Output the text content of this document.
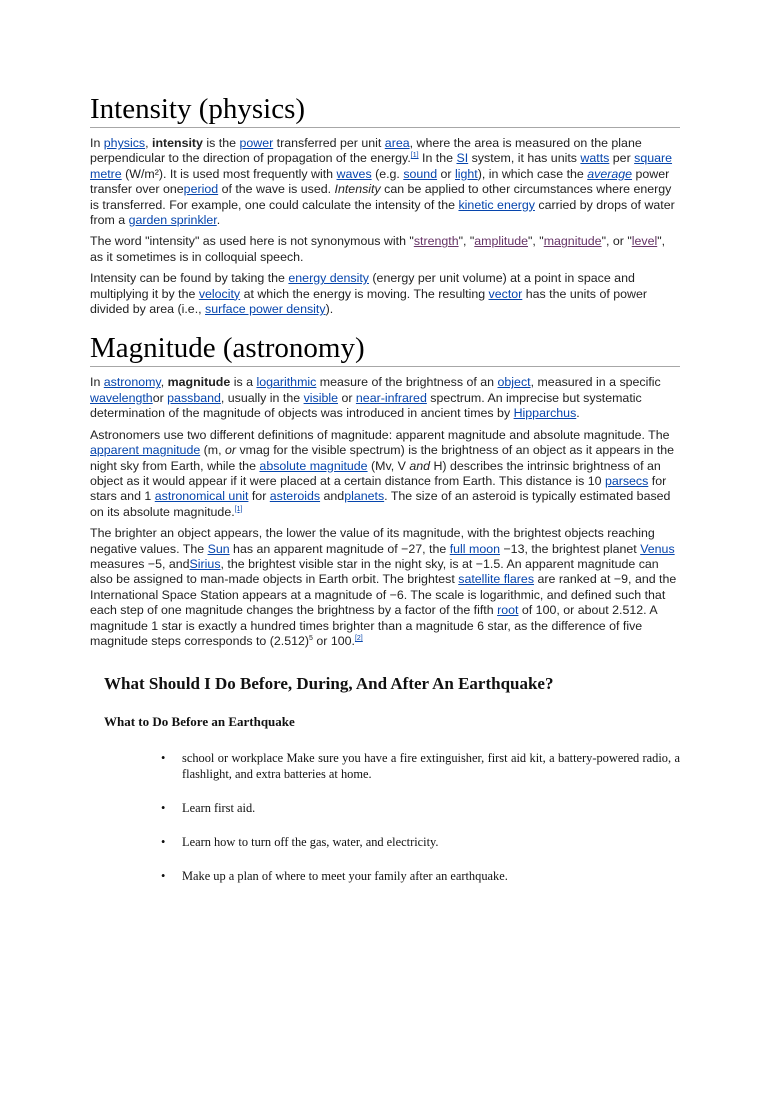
Intensity (physics)

In physics, intensity is the power transferred per unit area, where the area is measured on the plane perpendicular to the direction of propagation of the energy.[1] In the SI system, it has units watts per square metre (W/m²). It is used most frequently with waves (e.g. sound or light), in which case the average power transfer over oneperiod of the wave is used. Intensity can be applied to other circumstances where energy is transferred. For example, one could calculate the intensity of the kinetic energy carried by drops of water from a garden sprinkler.

The word "intensity" as used here is not synonymous with "strength", "amplitude", "magnitude", or "level", as it sometimes is in colloquial speech.

Intensity can be found by taking the energy density (energy per unit volume) at a point in space and multiplying it by the velocity at which the energy is moving. The resulting vector has the units of power divided by area (i.e., surface power density).

Magnitude (astronomy)

In astronomy, magnitude is a logarithmic measure of the brightness of an object, measured in a specific wavelengthor passband, usually in the visible or near-infrared spectrum. An imprecise but systematic determination of the magnitude of objects was introduced in ancient times by Hipparchus.

Astronomers use two different definitions of magnitude: apparent magnitude and absolute magnitude. The apparent magnitude (m, or vmag for the visible spectrum) is the brightness of an object as it appears in the night sky from Earth, while the absolute magnitude (Mv, V and H) describes the intrinsic brightness of an object as it would appear if it were placed at a certain distance from Earth. This distance is 10 parsecs for stars and 1 astronomical unit for asteroids andplanets. The size of an asteroid is typically estimated based on its absolute magnitude.[1]

The brighter an object appears, the lower the value of its magnitude, with the brightest objects reaching negative values. The Sun has an apparent magnitude of −27, the full moon −13, the brightest planet Venus measures −5, andSirius, the brightest visible star in the night sky, is at −1.5. An apparent magnitude can also be assigned to man-made objects in Earth orbit. The brightest satellite flares are ranked at −9, and the International Space Station appears at a magnitude of −6. The scale is logarithmic, and defined such that each step of one magnitude changes the brightness by a factor of the fifth root of 100, or about 2.512. A magnitude 1 star is exactly a hundred times brighter than a magnitude 6 star, as the difference of five magnitude steps corresponds to $(2.512)^5$ or 100.[2]

What Should I Do Before, During, And After An Earthquake?
What to Do Before an Earthquake
• school or workplace Make sure you have a fire extinguisher, first aid kit, a battery-powered radio, a flashlight, and extra batteries at home.
• Learn first aid.
• Learn how to turn off the gas, water, and electricity.
• Make up a plan of where to meet your family after an earthquake.
